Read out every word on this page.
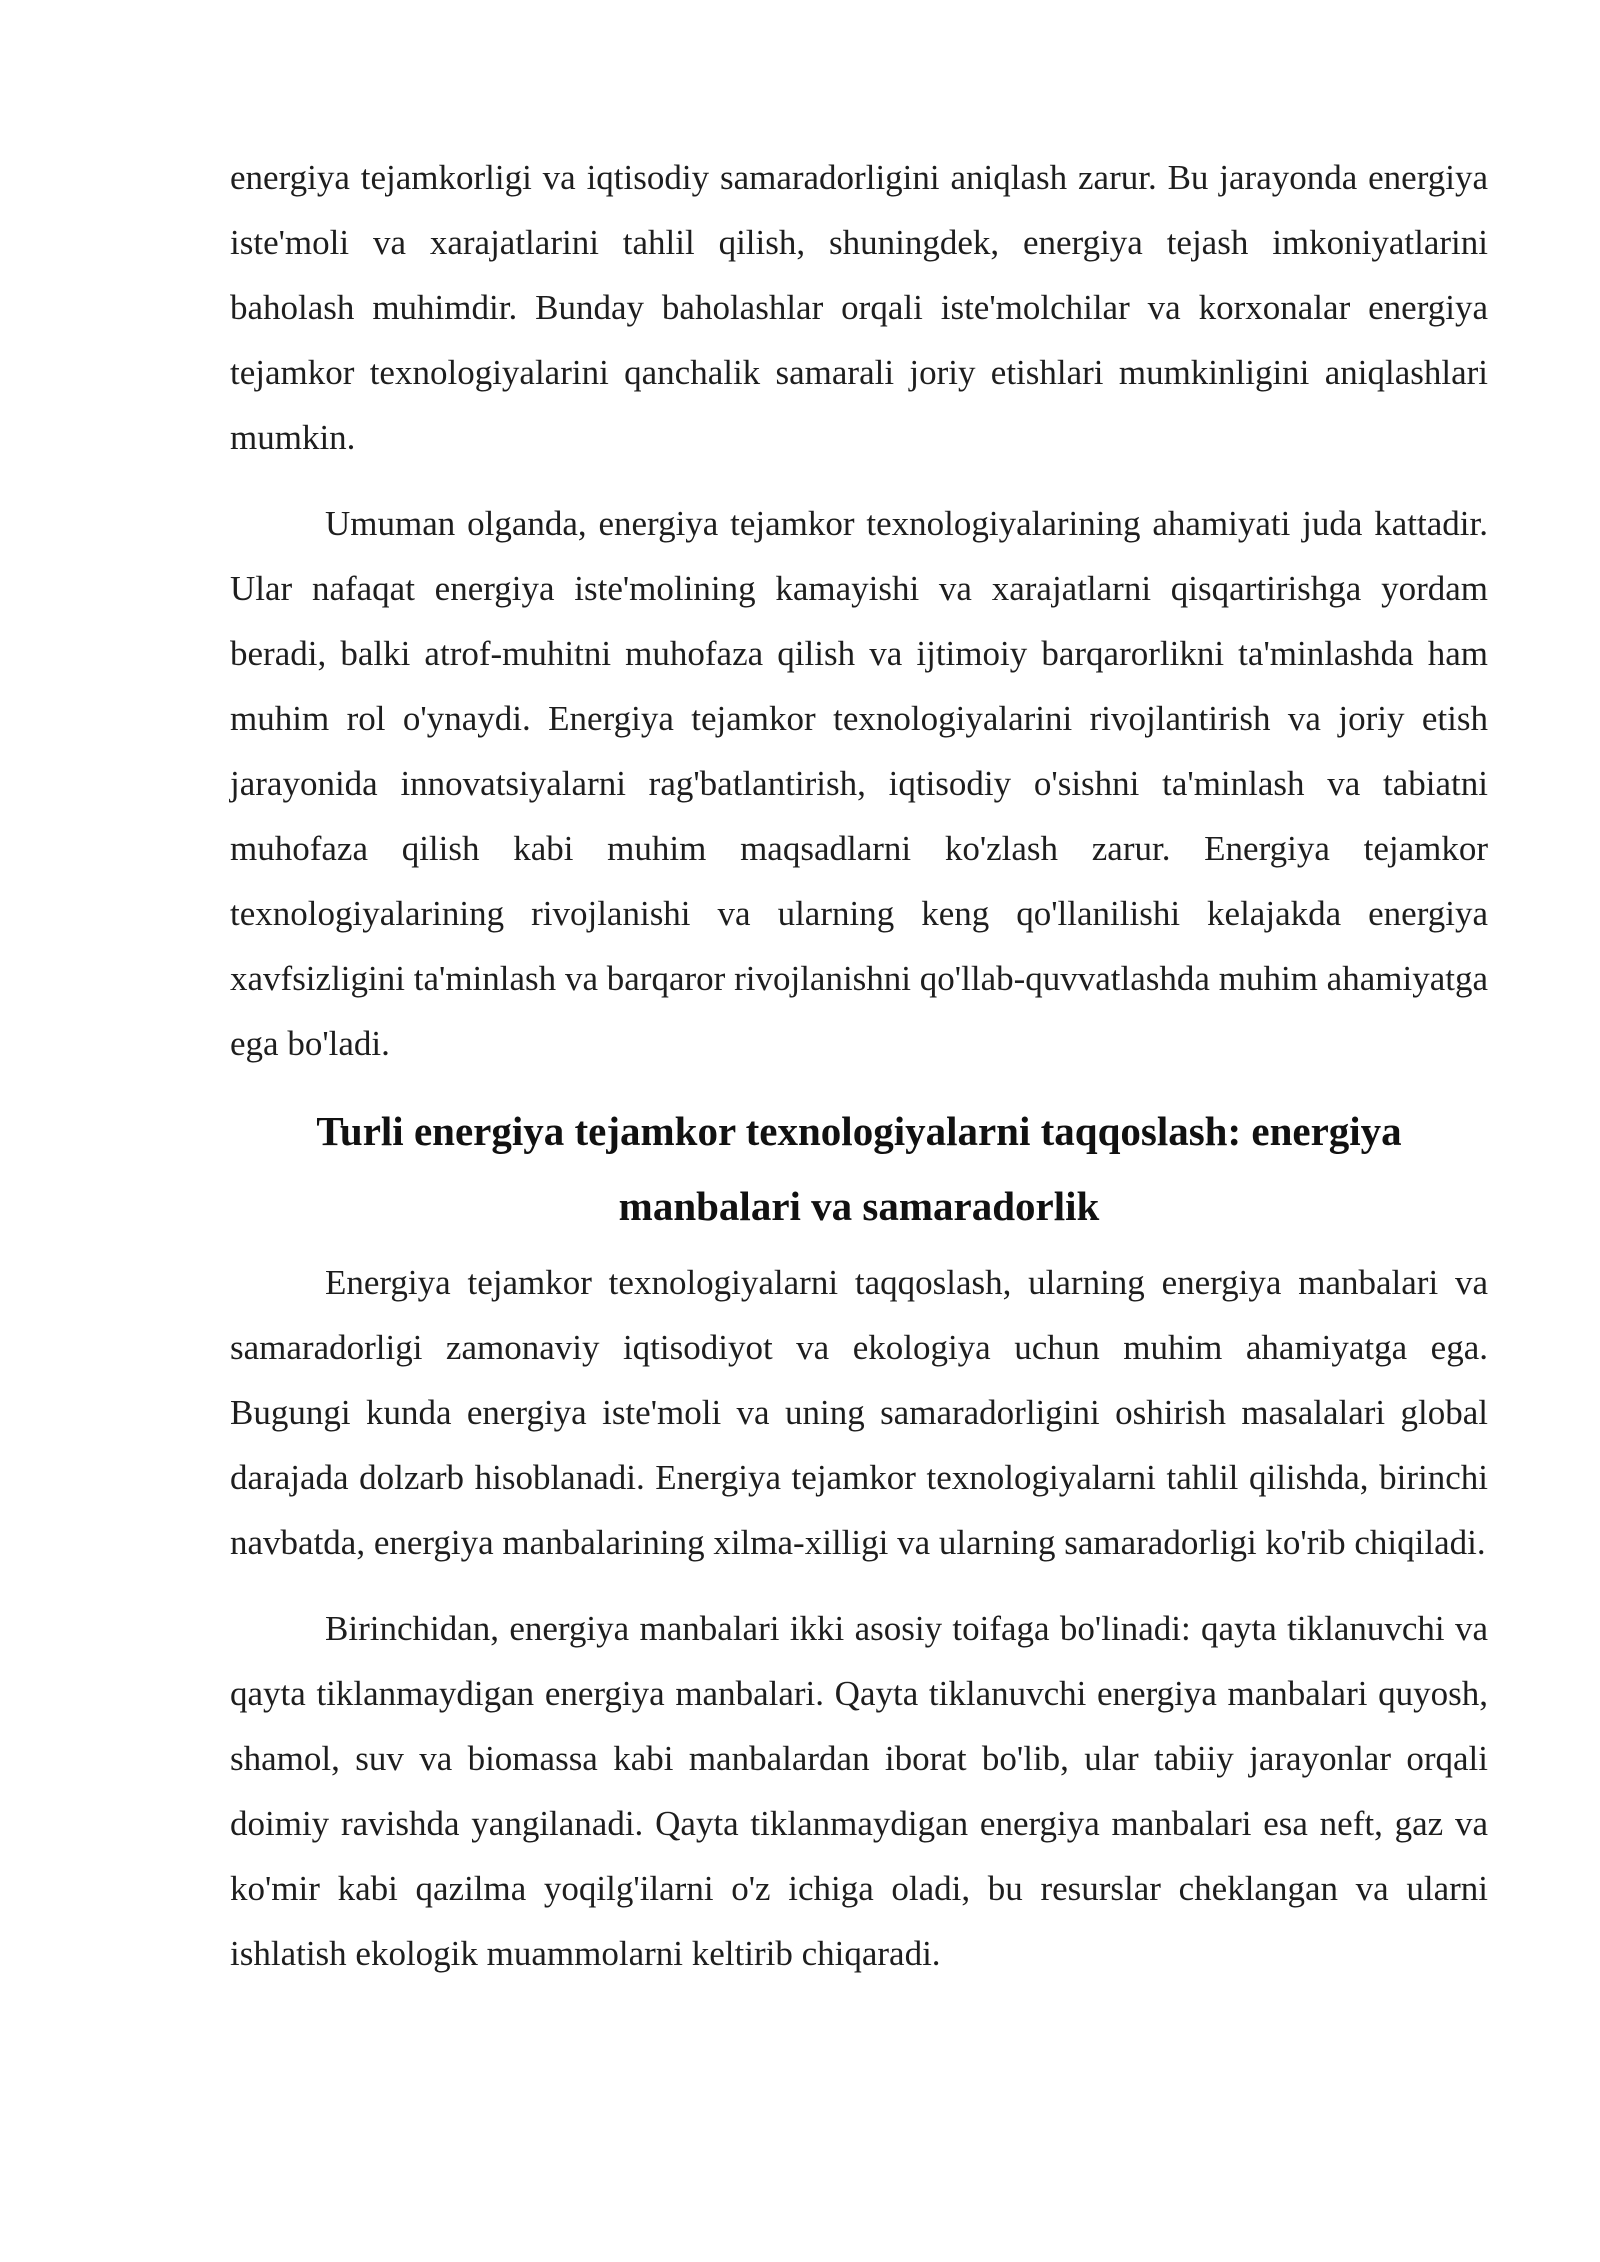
energiya tejamkorligi va iqtisodiy samaradorligini aniqlash zarur. Bu jarayonda energiya iste'moli va xarajatlarini tahlil qilish, shuningdek, energiya tejash imkoniyatlarini baholash muhimdir. Bunday baholashlar orqali iste'molchilar va korxonalar energiya tejamkor texnologiyalarini qanchalik samarali joriy etishlari mumkinligini aniqlashlari mumkin.

Umuman olganda, energiya tejamkor texnologiyalarining ahamiyati juda kattadir. Ular nafaqat energiya iste'molining kamayishi va xarajatlarni qisqartirishga yordam beradi, balki atrof-muhitni muhofaza qilish va ijtimoiy barqarorlikni ta'minlashda ham muhim rol o'ynaydi. Energiya tejamkor texnologiyalarini rivojlantirish va joriy etish jarayonida innovatsiyalarni rag'batlantirish, iqtisodiy o'sishni ta'minlash va tabiatni muhofaza qilish kabi muhim maqsadlarni ko'zlash zarur. Energiya tejamkor texnologiyalarining rivojlanishi va ularning keng qo'llanilishi kelajakda energiya xavfsizligini ta'minlash va barqaror rivojlanishni qo'llab-quvvatlashda muhim ahamiyatga ega bo'ladi.

Turli energiya tejamkor texnologiyalarni taqqoslash: energiya manbalari va samaradorlik

Energiya tejamkor texnologiyalarni taqqoslash, ularning energiya manbalari va samaradorligi zamonaviy iqtisodiyot va ekologiya uchun muhim ahamiyatga ega. Bugungi kunda energiya iste'moli va uning samaradorligini oshirish masalalari global darajada dolzarb hisoblanadi. Energiya tejamkor texnologiyalarni tahlil qilishda, birinchi navbatda, energiya manbalarining xilma-xilligi va ularning samaradorligi ko'rib chiqiladi.

Birinchidan, energiya manbalari ikki asosiy toifaga bo'linadi: qayta tiklanuvchi va qayta tiklanmaydigan energiya manbalari. Qayta tiklanuvchi energiya manbalari quyosh, shamol, suv va biomassa kabi manbalardan iborat bo'lib, ular tabiiy jarayonlar orqali doimiy ravishda yangilanadi. Qayta tiklanmaydigan energiya manbalari esa neft, gaz va ko'mir kabi qazilma yoqilg'ilarni o'z ichiga oladi, bu resurslar cheklangan va ularni ishlatish ekologik muammolarni keltirib chiqaradi.
